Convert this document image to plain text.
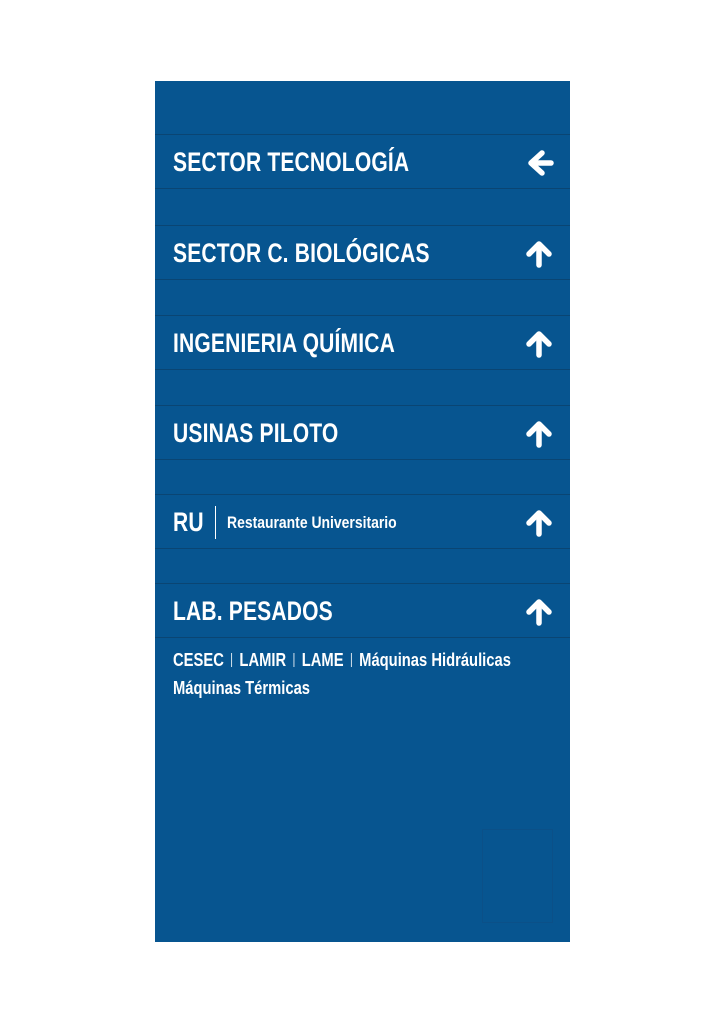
SECTOR TECNOLOGÍA
SECTOR C. BIOLÓGICAS
INGENIERIA QUÍMICA
USINAS PILOTO
RU Restaurante Universitario
LAB. PESADOS
CESEC LAMIR LAME Máquinas Hidráulicas
Máquinas Térmicas
